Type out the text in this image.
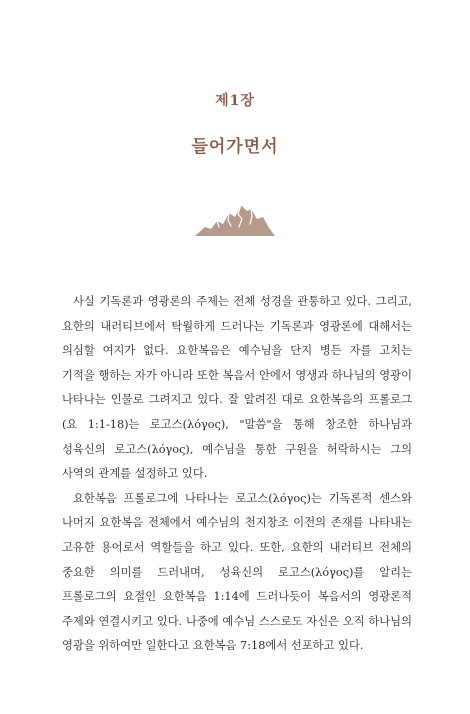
제1장
들어가면서

사실 기독론과 영광론의 주제는 전체 성경을 관통하고 있다. 그리고, 요한의 내러티브에서 탁월하게 드러나는 기독론과 영광론에 대해서는 의심할 여지가 없다. 요한복음은 예수님을 단지 병든 자를 고치는 기적을 행하는 자가 아니라 또한 복음서 안에서 영생과 하나님의 영광이 나타나는 인물로 그려지고 있다. 잘 알려진 대로 요한복음의 프롤로그(요 1:1-18)는 로고스(λόγος), "말씀"을 통해 창조한 하나님과 성육신의 로고스(λόγος), 예수님을 통한 구원을 허락하시는 그의 사역의 관계를 설정하고 있다.

요한복음 프롤로그에 나타나는 로고스(λόγος)는 기독론적 센스와 나머지 요한복음 전체에서 예수님의 천지창조 이전의 존재를 나타내는 고유한 용어로서 역할들을 하고 있다. 또한, 요한의 내러티브 전체의 중요한 의미를 드러내며, 성육신의 로고스(λόγος)를 알리는 프롤로그의 요절인 요한복음 1:14에 드러나듯이 복음서의 영광론적 주제와 연결시키고 있다. 나중에 예수님 스스로도 자신은 오직 하나님의 영광을 위하여만 일한다고 요한복음 7:18에서 선포하고 있다.
